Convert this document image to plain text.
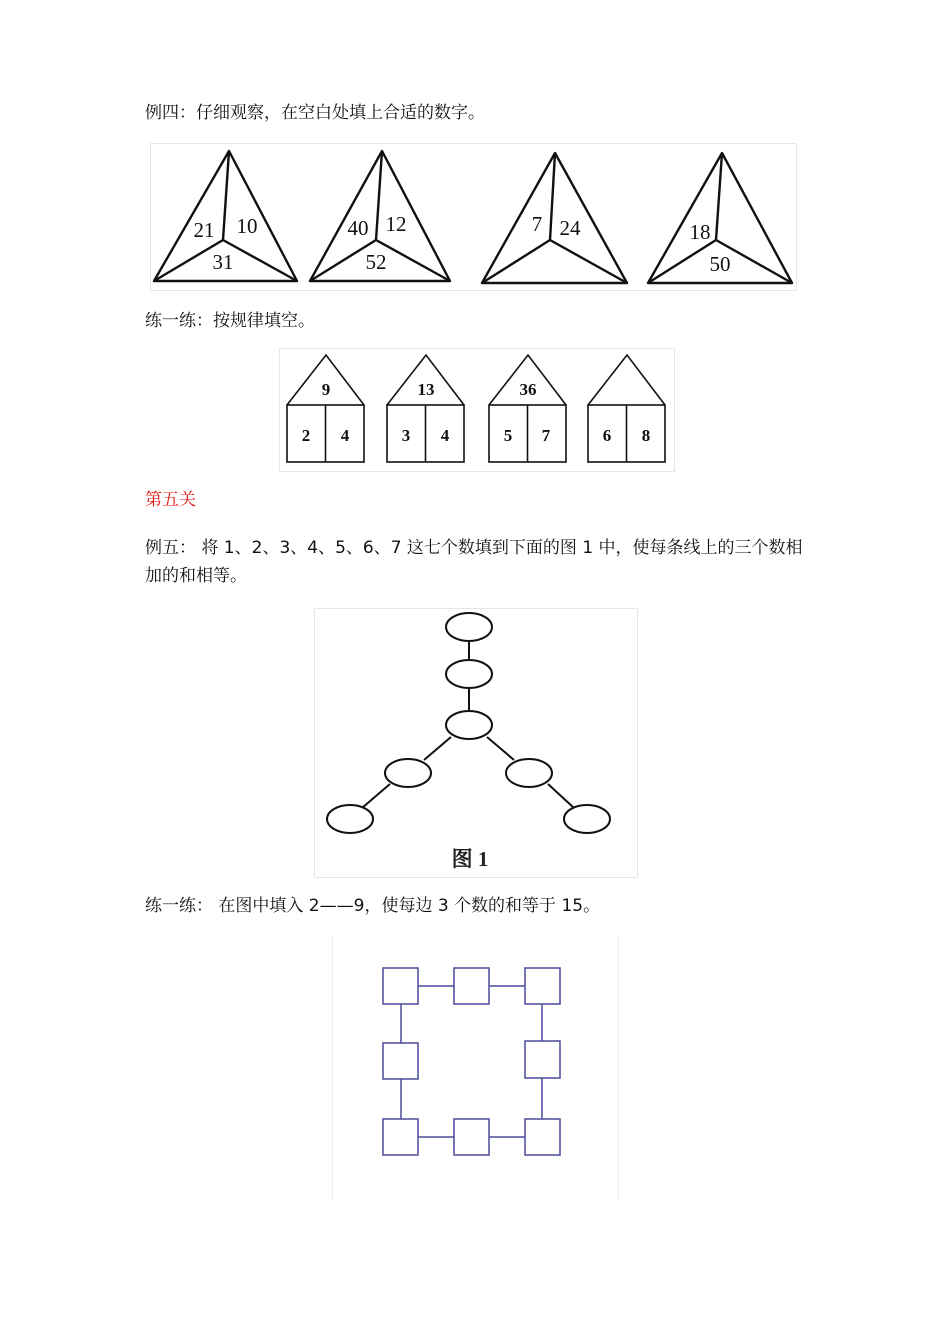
例四：仔细观察，在空白处填上合适的数字。
21 10
31
40 12
52
7 24	18
50
练一练：按规律填空。
9
2 4
13
3 4
36
5 7	6 8
第五关
例五： 将 1、2、3、4、5、6、7 这七个数填到下面的图 1 中，使每条线上的三个数相
加的和相等。
图 1
练一练： 在图中填入 2——9，使每边 3 个数的和等于 15。
